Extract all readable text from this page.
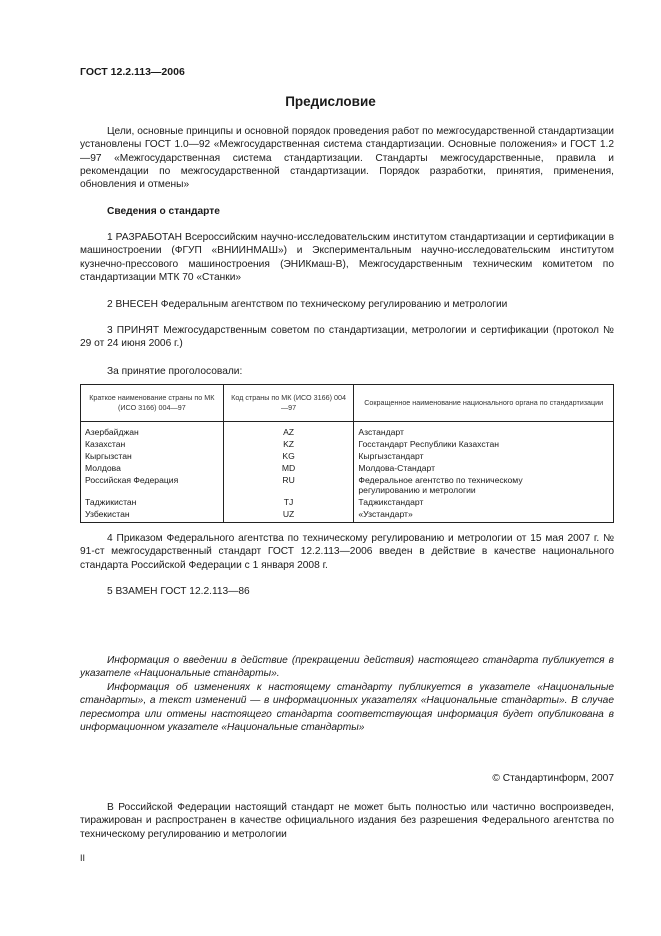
ГОСТ 12.2.113—2006
Предисловие
Цели, основные принципы и основной порядок проведения работ по межгосударственной стандартизации установлены ГОСТ 1.0—92 «Межгосударственная система стандартизации. Основные положения» и ГОСТ 1.2—97 «Межгосударственная система стандартизации. Стандарты межгосударственные, правила и рекомендации по межгосударственной стандартизации. Порядок разработки, принятия, применения, обновления и отмены»
Сведения о стандарте
1 РАЗРАБОТАН Всероссийским научно-исследовательским институтом стандартизации и сертификации в машиностроении (ФГУП «ВНИИНМАШ») и Экспериментальным научно-исследовательским институтом кузнечно-прессового машиностроения (ЭНИКмаш-В), Межгосударственным техническим комитетом по стандартизации МТК 70 «Станки»
2 ВНЕСЕН Федеральным агентством по техническому регулированию и метрологии
3 ПРИНЯТ Межгосударственным советом по стандартизации, метрологии и сертификации (протокол № 29 от 24 июня 2006 г.)
За принятие проголосовали:
Краткое наименование страны по МК (ИСО 3166) 004—97	Код страны по МК (ИСО 3166) 004—97	Сокращенное наименование национального органа по стандартизации
Азербайджан	AZ	Азстандарт
Казахстан	KZ	Госстандарт Республики Казахстан
Кыргызстан	KG	Кыргызстандарт
Молдова	MD	Молдова-Стандарт
Российская Федерация	RU	Федеральное агентство по техническому регулированию и метрологии
Таджикистан	TJ	Таджикстандарт
Узбекистан	UZ	«Узстандарт»
4 Приказом Федерального агентства по техническому регулированию и метрологии от 15 мая 2007 г. № 91-ст межгосударственный стандарт ГОСТ 12.2.113—2006 введен в действие в качестве национального стандарта Российской Федерации с 1 января 2008 г.
5 ВЗАМЕН ГОСТ 12.2.113—86
Информация о введении в действие (прекращении действия) настоящего стандарта публикуется в указателе «Национальные стандарты».
Информация об изменениях к настоящему стандарту публикуется в указателе «Национальные стандарты», а текст изменений — в информационных указателях «Национальные стандарты». В случае пересмотра или отмены настоящего стандарта соответствующая информация будет опубликована в информационном указателе «Национальные стандарты»
© Стандартинформ, 2007
В Российской Федерации настоящий стандарт не может быть полностью или частично воспроизведен, тиражирован и распространен в качестве официального издания без разрешения Федерального агентства по техническому регулированию и метрологии
II
